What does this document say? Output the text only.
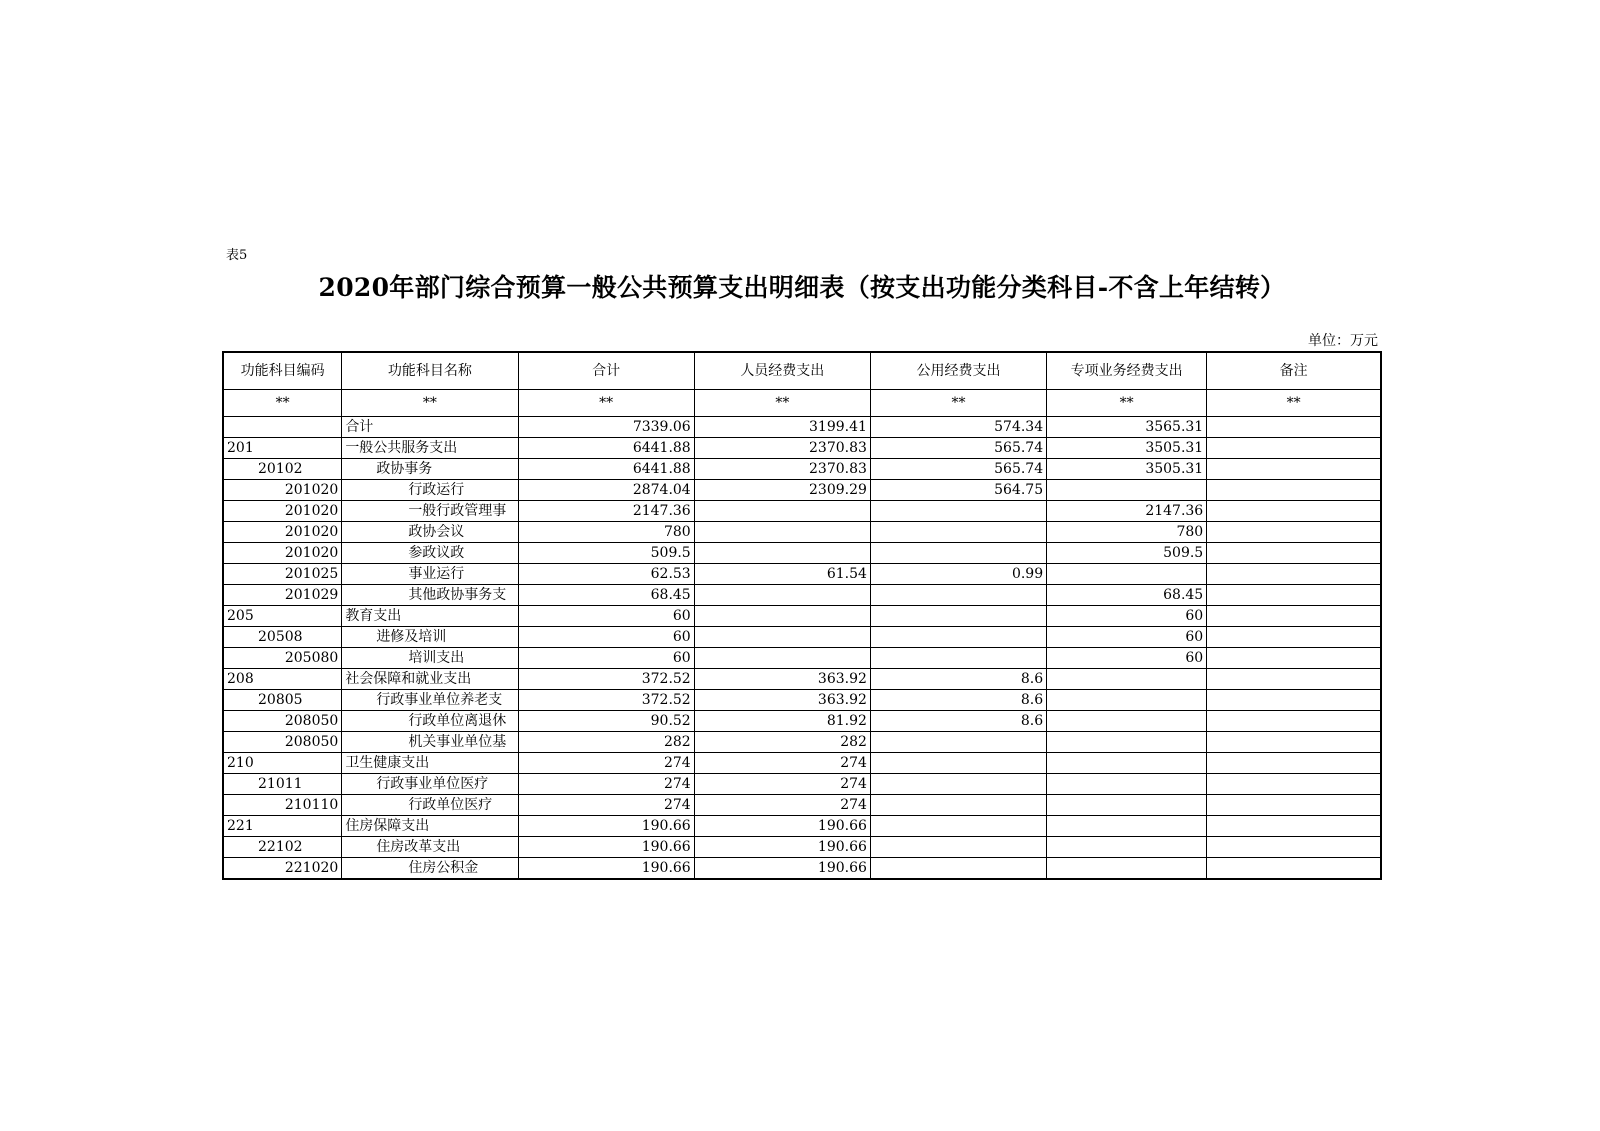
表5
2020年部门综合预算一般公共预算支出明细表（按支出功能分类科目-不含上年结转）
单位：万元
功能科目编码	功能科目名称	合计	人员经费支出	公用经费支出	专项业务经费支出	备注
**	**	**	**	**	**	**
	合计	7339.06	3199.41	574.34	3565.31	
201	一般公共服务支出	6441.88	2370.83	565.74	3505.31	
20102	政协事务	6441.88	2370.83	565.74	3505.31	
201020	行政运行	2874.04	2309.29	564.75		
201020	一般行政管理事	2147.36			2147.36	
201020	政协会议	780			780	
201020	参政议政	509.5			509.5	
201025	事业运行	62.53	61.54	0.99		
201029	其他政协事务支	68.45			68.45	
205	教育支出	60			60	
20508	进修及培训	60			60	
205080	培训支出	60			60	
208	社会保障和就业支出	372.52	363.92	8.6		
20805	行政事业单位养老支	372.52	363.92	8.6		
208050	行政单位离退休	90.52	81.92	8.6		
208050	机关事业单位基	282	282			
210	卫生健康支出	274	274			
21011	行政事业单位医疗	274	274			
210110	行政单位医疗	274	274			
221	住房保障支出	190.66	190.66			
22102	住房改革支出	190.66	190.66			
221020	住房公积金	190.66	190.66			
